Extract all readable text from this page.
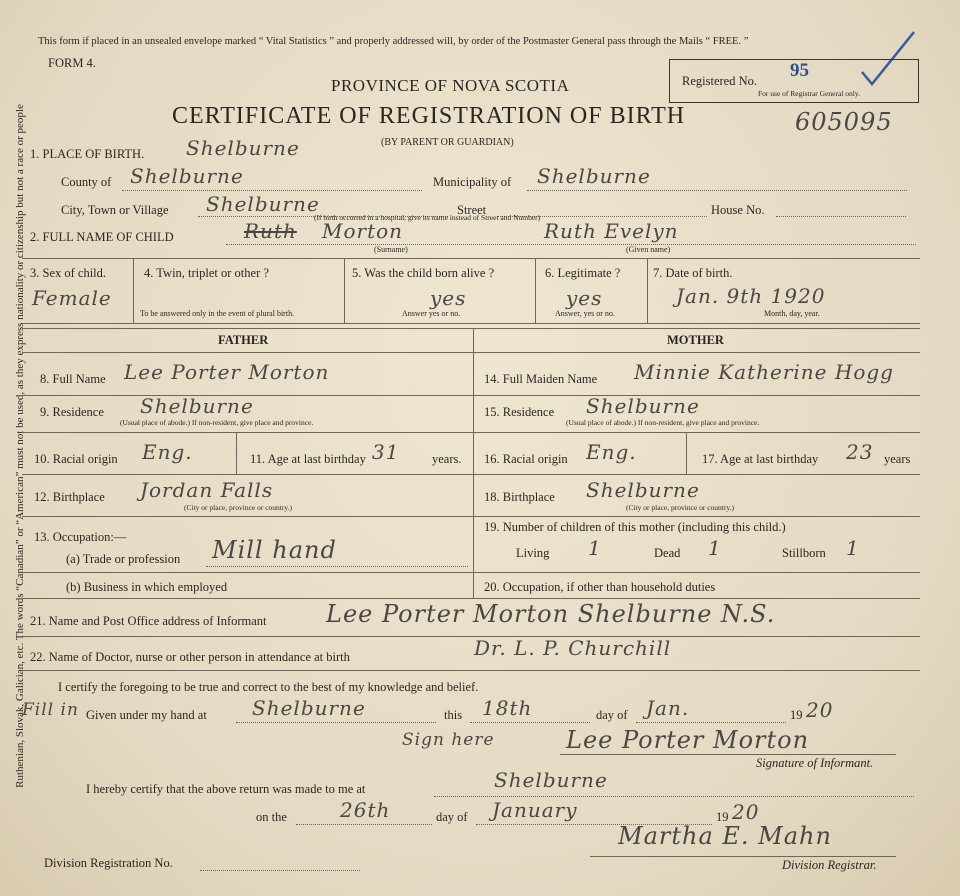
Ruthenian, Slovak, Galician, etc. The words “Canadian” or “American” must not be used, as they express nationality or citizenship but not a race or people
This form if placed in an unsealed envelope marked “ Vital Statistics ” and properly addressed will, by order of the Postmaster General pass through the Mails “ FREE. ”
FORM 4.
PROVINCE OF NOVA SCOTIA	Registered No. 95
For use of Registrar General only.
CERTIFICATE OF REGISTRATION OF BIRTH	605095
(BY PARENT OR GUARDIAN)
1. PLACE OF BIRTH. Shelburne
County of Shelburne	Municipality of Shelburne
City, Town or Village Shelburne	Street	House No.
(If birth occurred in a hospital, give its name instead of Street and Number)
2. FULL NAME OF CHILD	Ruth Morton
(Surname)
Ruth Evelyn
(Given name)
3. Sex of child.
Female
4. Twin, triplet or other ?
To be answered only in the event of plural birth.
5. Was the child born alive ?
yes
Answer yes or no.
6. Legitimate ?
yes
Answer, yes or no.
7. Date of birth.
Jan. 9th 1920
Month, day, year.
FATHER	MOTHER
8. Full Name Lee Porter Morton
9. Residence Shelburne
(Usual place of abode.) If non-resident, give place and province.
10. Racial origin Eng.	11. Age at last birthday 31	years.
12. Birthplace Jordan Falls
(City or place, province or country.)
13. Occupation:—
(a) Trade or profession Mill hand
(b) Business in which employed
14. Full Maiden Name Minnie Katherine Hogg
15. Residence Shelburne
(Usual place of abode.) If non-resident, give place and province.
16. Racial origin Eng.	17. Age at last birthday 23 years
18. Birthplace Shelburne
(City or place, province or country.)
19. Number of children of this mother (including this child.)
Living 1	Dead 1	Stillborn 1
20. Occupation, if other than household duties
21. Name and Post Office address of Informant Lee Porter Morton Shelburne N.S.
22. Name of Doctor, nurse or other person in attendance at birth	Dr. L. P. Churchill
I certify the foregoing to be true and correct to the best of my knowledge and belief.
Fill in Given under my hand at Shelburne	this 18th	day of Jan.	19 20
Sign here	Lee Porter Morton
Signature of Informant.
I hereby certify that the above return was made to me at	Shelburne
on the	26th	day of January	19 20
Division Registration No.
Martha E. Mahn
Division Registrar.
